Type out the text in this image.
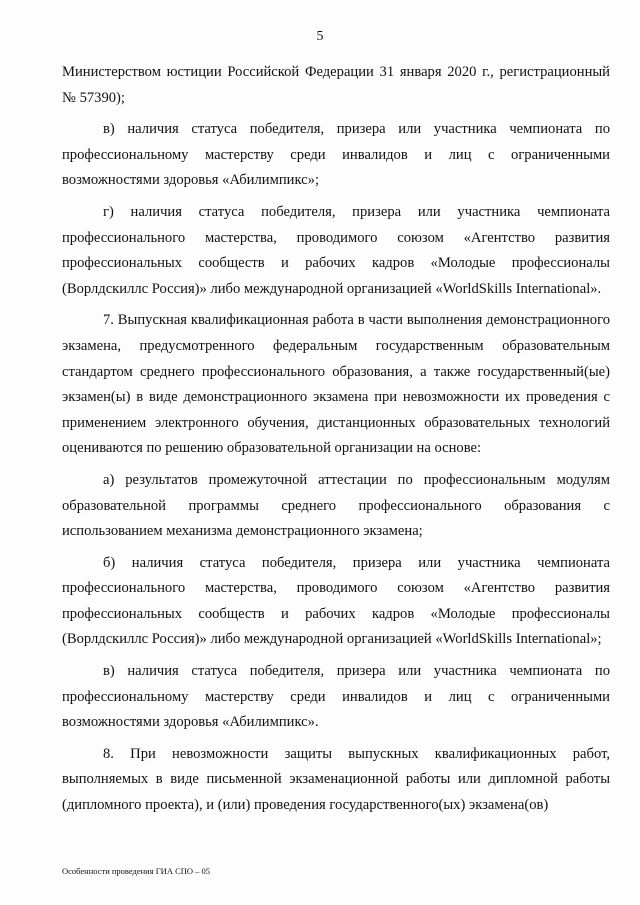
5

Министерством юстиции Российской Федерации 31 января 2020 г., регистрационный № 57390);

в) наличия статуса победителя, призера или участника чемпионата по профессиональному мастерству среди инвалидов и лиц с ограниченными возможностями здоровья «Абилимпикс»;

г) наличия статуса победителя, призера или участника чемпионата профессионального мастерства, проводимого союзом «Агентство развития профессиональных сообществ и рабочих кадров «Молодые профессионалы (Ворлдскиллс Россия)» либо международной организацией «WorldSkills International».

7. Выпускная квалификационная работа в части выполнения демонстрационного экзамена, предусмотренного федеральным государственным образовательным стандартом среднего профессионального образования, а также государственный(ые) экзамен(ы) в виде демонстрационного экзамена при невозможности их проведения с применением электронного обучения, дистанционных образовательных технологий оцениваются по решению образовательной организации на основе:

а) результатов промежуточной аттестации по профессиональным модулям образовательной программы среднего профессионального образования с использованием механизма демонстрационного экзамена;

б) наличия статуса победителя, призера или участника чемпионата профессионального мастерства, проводимого союзом «Агентство развития профессиональных сообществ и рабочих кадров «Молодые профессионалы (Ворлдскиллс Россия)» либо международной организацией «WorldSkills International»;

в) наличия статуса победителя, призера или участника чемпионата по профессиональному мастерству среди инвалидов и лиц с ограниченными возможностями здоровья «Абилимпикс».

8. При невозможности защиты выпускных квалификационных работ, выполняемых в виде письменной экзаменационной работы или дипломной работы (дипломного проекта), и (или) проведения государственного(ых) экзамена(ов)

Особенности проведения ГИА СПО – 05
